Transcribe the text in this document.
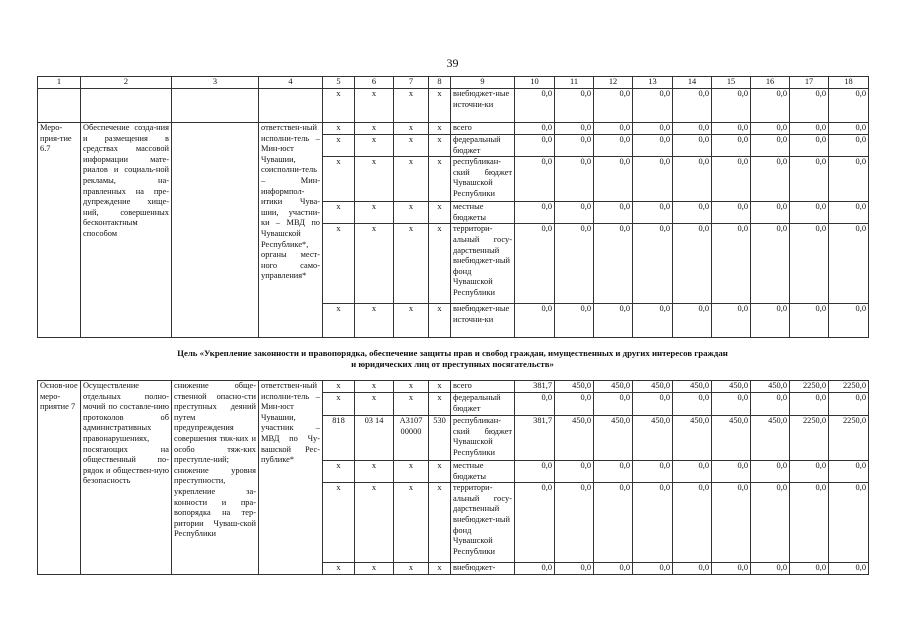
39
1	2	3	4	5	6	7	8	9	10	11	12	13	14	15	16	17	18
				x	x	x	x	внебюджет-ные источни-ки	0,0	0,0	0,0	0,0	0,0	0,0	0,0	0,0	0,0
Меро-прия-тие 6.7	Обеспечение созда-ния и размещения в средствах массовой информации мате-риалов и социаль-ной рекламы, на-правленных на пре-дупреждение хище-ний, совершенных бесконтактным способом		ответствен-ный исполни-тель – Мин-юст Чувашии, соисполни-тель – Мин-информпол-итики Чува-шии, участни-ки – МВД по Чувашской Республике*, органы мест-ного само-управления*	x	x	x	x	всего	0,0	0,0	0,0	0,0	0,0	0,0	0,0	0,0	0,0
				x	x	x	x	федеральный бюджет	0,0	0,0	0,0	0,0	0,0	0,0	0,0	0,0	0,0
				x	x	x	x	республикан-ский бюджет Чувашской Республики	0,0	0,0	0,0	0,0	0,0	0,0	0,0	0,0	0,0
				x	x	x	x	местные бюджеты	0,0	0,0	0,0	0,0	0,0	0,0	0,0	0,0	0,0
				x	x	x	x	территори-альный госу-дарственный внебюджет-ный фонд Чувашской Республики	0,0	0,0	0,0	0,0	0,0	0,0	0,0	0,0	0,0
				x	x	x	x	внебюджет-ные источни-ки	0,0	0,0	0,0	0,0	0,0	0,0	0,0	0,0	0,0
Цель «Укрепление законности и правопорядка, обеспечение защиты прав и свобод граждан, имущественных и других интересов граждан
и юридических лиц от преступных посягательств»
Основ-ное меро-приятие 7	Осуществление отдельных полно-мочий по составле-нию протоколов об административных правонарушениях, посягающих на общественный по-рядок и обществен-ную безопасность	снижение обще-ственной опасно-сти преступных деяний путем предупреждения совершения тяж-ких и особо тяж-ких преступле-ний; снижение уровня преступности, укрепление за-конности и пра-вопорядка на тер-ритории Чуваш-ской Республики	ответствен-ный исполни-тель – Мин-юст Чувашии, участник – МВД по Чу-вашской Рес-публике*	x	x	x	x	всего	381,7	450,0	450,0	450,0	450,0	450,0	450,0	2250,0	2250,0
				x	x	x	x	федеральный бюджет	0,0	0,0	0,0	0,0	0,0	0,0	0,0	0,0	0,0
				818	03 14	А3107 00000	530	республикан-ский бюджет Чувашской Республики	381,7	450,0	450,0	450,0	450,0	450,0	450,0	2250,0	2250,0
				x	x	x	x	местные бюджеты	0,0	0,0	0,0	0,0	0,0	0,0	0,0	0,0	0,0
				x	x	x	x	территори-альный госу-дарственный внебюджет-ный фонд Чувашской Республики	0,0	0,0	0,0	0,0	0,0	0,0	0,0	0,0	0,0
				x	x	x	x	внебюджет-	0,0	0,0	0,0	0,0	0,0	0,0	0,0	0,0	0,0
